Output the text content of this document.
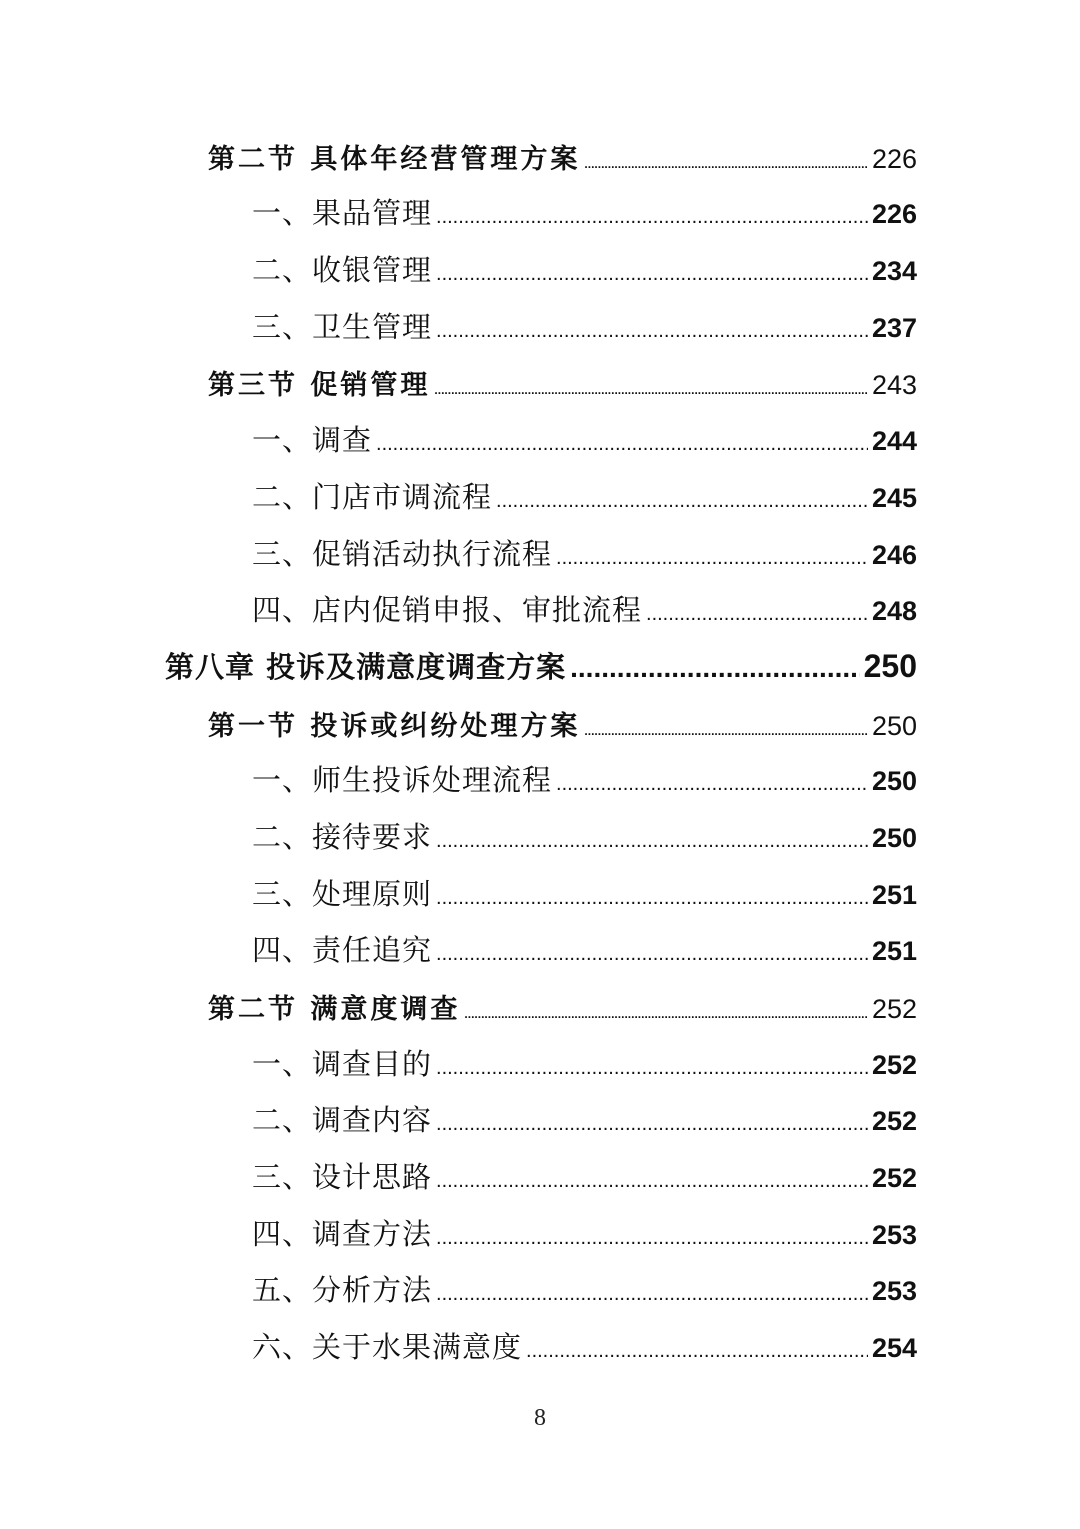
第二节 具体年经营管理方案 .....	226
一、果品管理 .....	226
二、收银管理 .....	234
三、卫生管理 .....	237
第三节 促销管理 .....	243
一、调查 .....	244
二、门店市调流程 .....	245
三、促销活动执行流程 .....	246
四、店内促销申报、审批流程 .....	248
第八章 投诉及满意度调查方案 .....	250
第一节 投诉或纠纷处理方案 .....	250
一、师生投诉处理流程 .....	250
二、接待要求 .....	250
三、处理原则 .....	251
四、责任追究 .....	251
第二节 满意度调查 .....	252
一、调查目的 .....	252
二、调查内容 .....	252
三、设计思路 .....	252
四、调查方法 .....	253
五、分析方法 .....	253
六、关于水果满意度 .....	254
8
